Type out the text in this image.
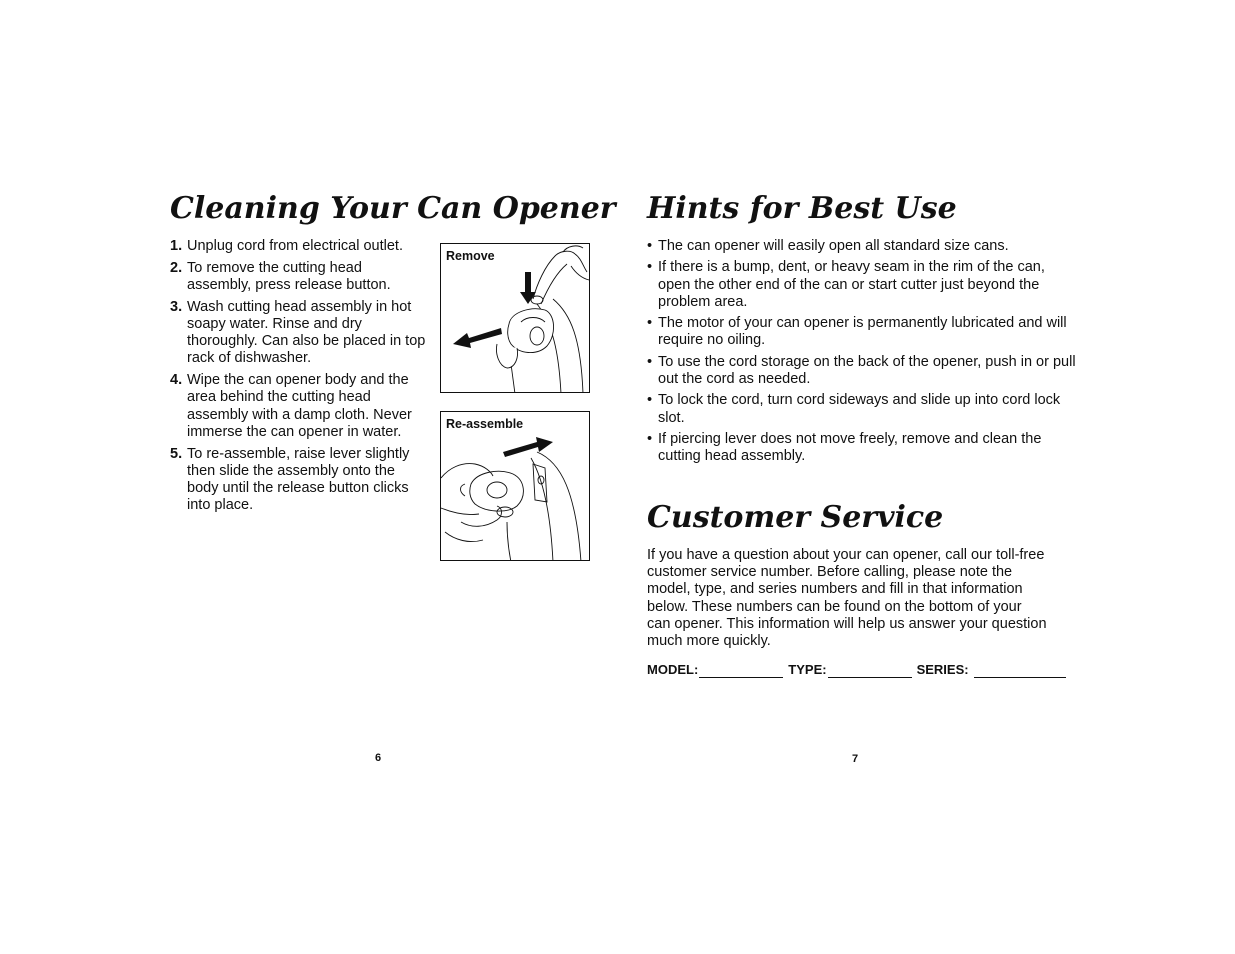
Cleaning Your Can Opener
1. Unplug cord from electrical outlet.
2. To remove the cutting head assembly, press release button.
3. Wash cutting head assembly in hot soapy water. Rinse and dry thoroughly. Can also be placed in top rack of dishwasher.
4. Wipe the can opener body and the area behind the cutting head assembly with a damp cloth. Never immerse the can opener in water.
5. To re-assemble, raise lever slightly then slide the assembly onto the body until the release button clicks into place.
Remove
Re-assemble
6
Hints for Best Use
• The can opener will easily open all standard size cans.
• If there is a bump, dent, or heavy seam in the rim of the can, open the other end of the can or start cutter just beyond the problem area.
• The motor of your can opener is permanently lubricated and will require no oiling.
• To use the cord storage on the back of the opener, push in or pull out the cord as needed.
• To lock the cord, turn cord sideways and slide up into cord lock slot.
• If piercing lever does not move freely, remove and clean the cutting head assembly.
Customer Service

If you have a question about your can opener, call our toll-free customer service number. Before calling, please note the model, type, and series numbers and fill in that information below. These numbers can be found on the bottom of your can opener. This information will help us answer your question much more quickly.

MODEL:	TYPE:	SERIES:
7
